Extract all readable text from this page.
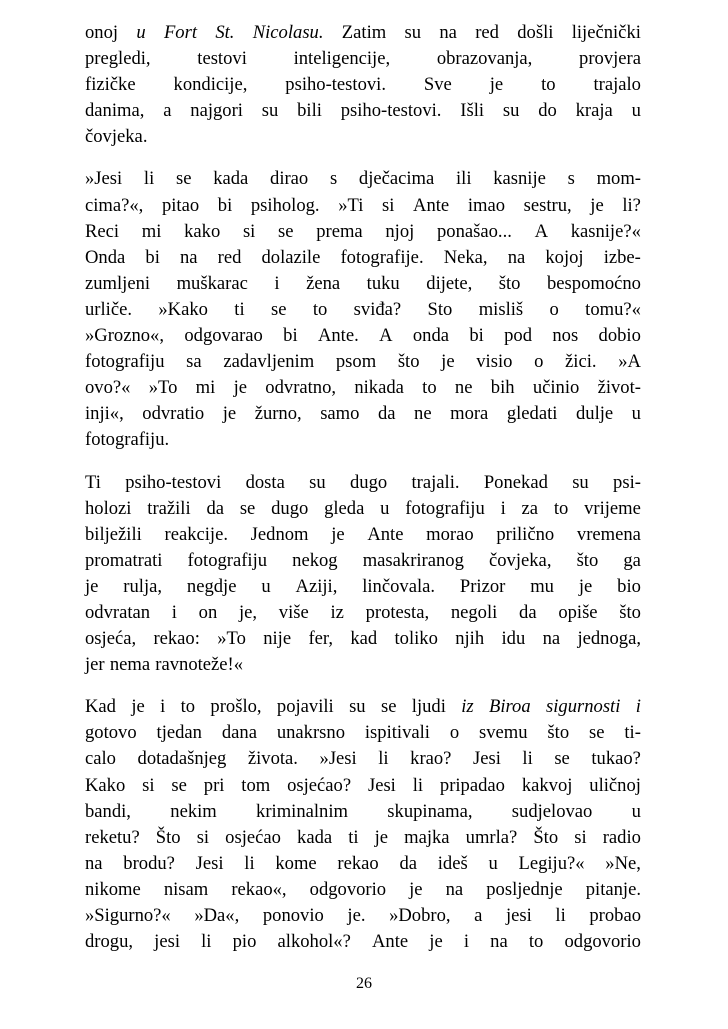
onoj u Fort St. Nicolasu. Zatim su na red došli liječnički
pregledi,	testovi	inteligencije,	obrazovanja,	provjera
fizičke kondicije, psiho-testovi. Sve je to trajalo
danima, a najgori su bili psiho-testovi. Išli su do kraja u
čovjeka.
»Jesi li se kada dirao s dječacima ili kasnije s mom-
cima?«, pitao bi psiholog. »Ti si Ante imao sestru, je li?
Reci mi kako si se prema njoj ponašao... A kasnije?«
Onda bi na red dolazile fotografije. Neka, na kojoj izbe-
zumljeni muškarac i žena tuku dijete, što bespomoćno
urliče. »Kako ti se to sviđa? Sto misliš o tomu?«
»Grozno«, odgovarao bi Ante. A onda bi pod nos dobio
fotografiju sa zadavljenim psom što je visio o žici. »A
ovo?« »To mi je odvratno, nikada to ne bih učinio život-
inji«, odvratio je žurno, samo da ne mora gledati dulje u
fotografiju.
Ti psiho-testovi dosta su dugo trajali. Ponekad su psi-
holozi tražili da se dugo gleda u fotografiju i za to vrijeme
bilježili reakcije. Jednom je Ante morao prilično vremena
promatrati fotografiju nekog masakriranog čovjeka, što ga
je rulja, negdje u Aziji, linčovala. Prizor mu je bio
odvratan i on je, više iz protesta, negoli da opiše što
osjeća, rekao: »To nije fer, kad toliko njih idu na jednoga,
jer nema ravnoteže!«
Kad je i to prošlo, pojavili su se ljudi iz Biroa sigurnosti i
gotovo tjedan dana unakrsno ispitivali o svemu što se ti-
calo dotadašnjeg života. »Jesi li krao? Jesi li se tukao?
Kako si se pri tom osjećao? Jesi li pripadao kakvoj uličnoj
bandi, nekim kriminalnim skupinama, sudjelovao u
reketu? Što si osjećao kada ti je majka umrla? Što si radio
na brodu? Jesi li kome rekao da ideš u Legiju?« »Ne,
nikome nisam rekao«, odgovorio je na posljednje pitanje.
»Sigurno?« »Da«, ponovio je. »Dobro, a jesi li probao
drogu, jesi li pio alkohol«? Ante je i na to odgovorio
26
